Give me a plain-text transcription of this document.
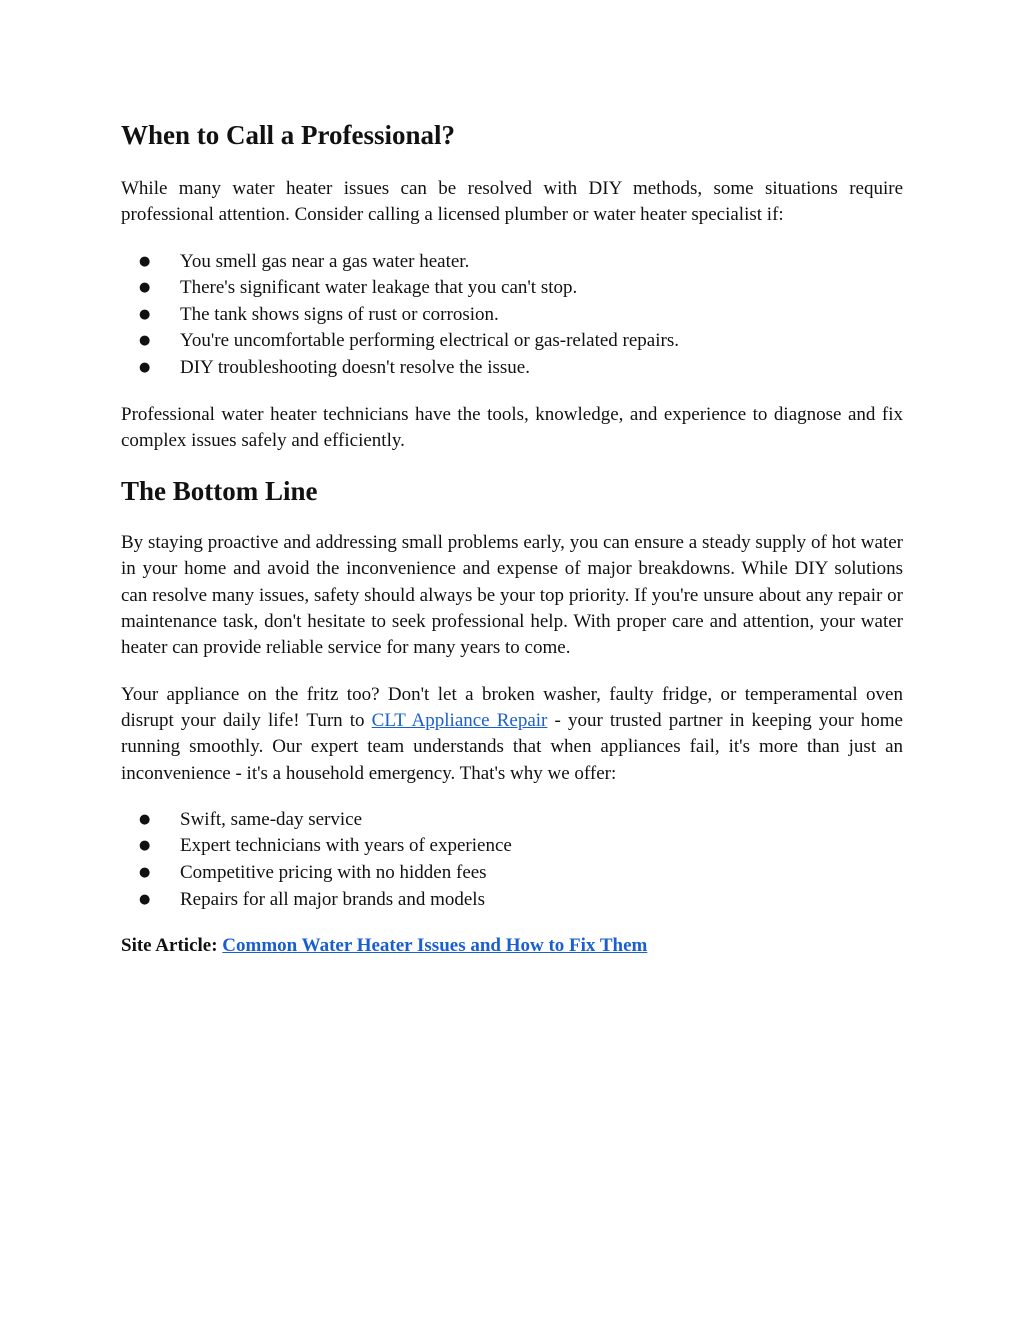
When to Call a Professional?

While many water heater issues can be resolved with DIY methods, some situations require professional attention. Consider calling a licensed plumber or water heater specialist if:

● You smell gas near a gas water heater.
● There's significant water leakage that you can't stop.
● The tank shows signs of rust or corrosion.
● You're uncomfortable performing electrical or gas-related repairs.
● DIY troubleshooting doesn't resolve the issue.

Professional water heater technicians have the tools, knowledge, and experience to diagnose and fix complex issues safely and efficiently.

The Bottom Line

By staying proactive and addressing small problems early, you can ensure a steady supply of hot water in your home and avoid the inconvenience and expense of major breakdowns. While DIY solutions can resolve many issues, safety should always be your top priority. If you're unsure about any repair or maintenance task, don't hesitate to seek professional help. With proper care and attention, your water heater can provide reliable service for many years to come.

Your appliance on the fritz too? Don't let a broken washer, faulty fridge, or temperamental oven disrupt your daily life! Turn to CLT Appliance Repair - your trusted partner in keeping your home running smoothly. Our expert team understands that when appliances fail, it's more than just an inconvenience - it's a household emergency. That's why we offer:

● Swift, same-day service
● Expert technicians with years of experience
● Competitive pricing with no hidden fees
● Repairs for all major brands and models

Site Article: Common Water Heater Issues and How to Fix Them
